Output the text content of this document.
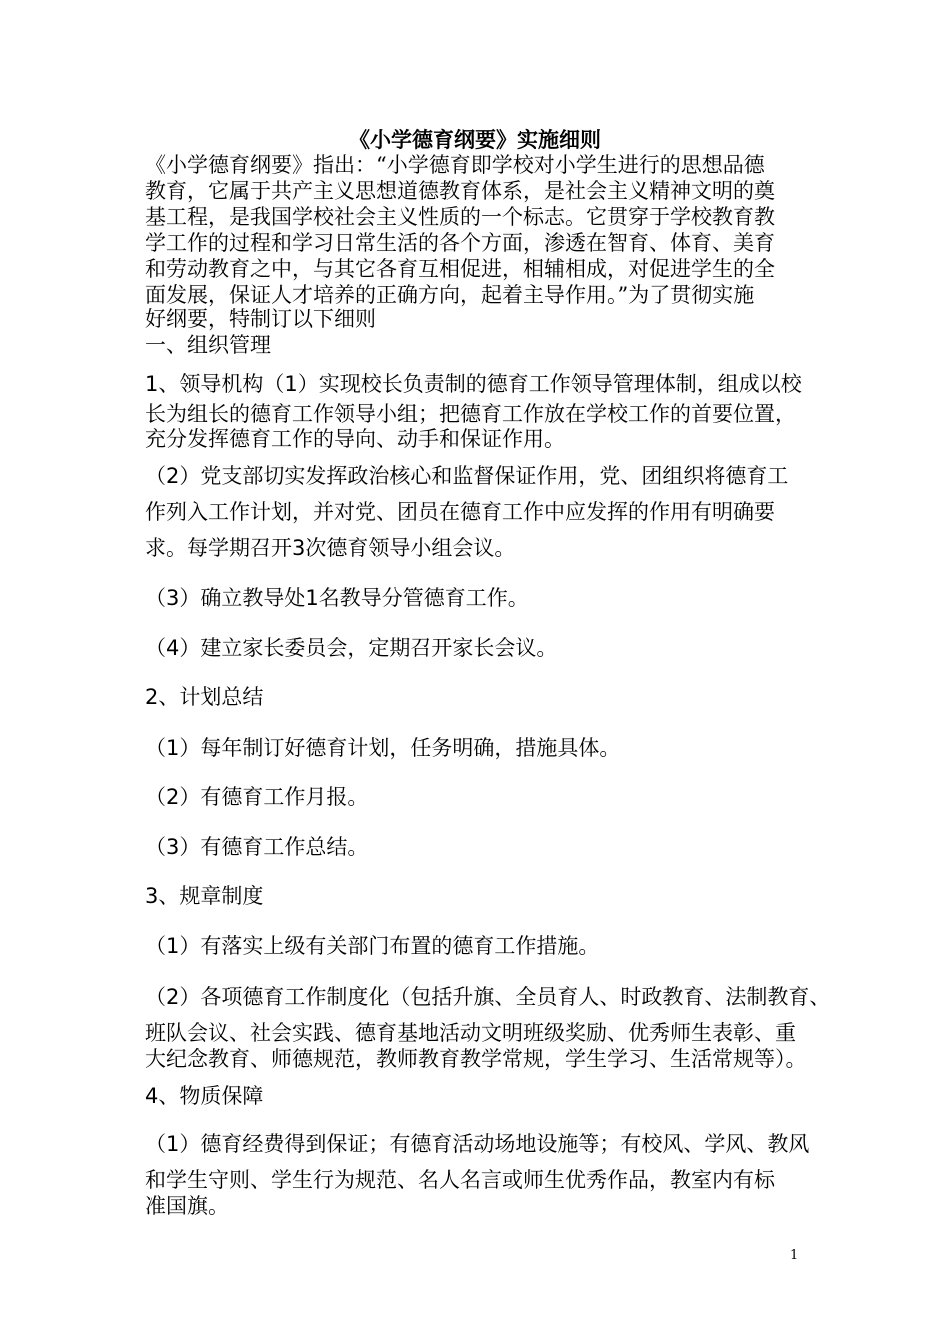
《小学德育纲要》实施细则
《小学德育纲要》指出：“小学德育即学校对小学生进行的思想品德
教育，它属于共产主义思想道德教育体系，是社会主义精神文明的奠
基工程，是我国学校社会主义性质的一个标志。它贯穿于学校教育教
学工作的过程和学习日常生活的各个方面，渗透在智育、体育、美育
和劳动教育之中，与其它各育互相促进，相辅相成，对促进学生的全
面发展，保证人才培养的正确方向，起着主导作用。”为了贯彻实施
好纲要，特制订以下细则
一、组织管理
1、领导机构（1）实现校长负责制的德育工作领导管理体制，组成以校
长为组长的德育工作领导小组；把德育工作放在学校工作的首要位置，
充分发挥德育工作的导向、动手和保证作用。
（2）党支部切实发挥政治核心和监督保证作用，党、团组织将德育工
作列入工作计划，并对党、团员在德育工作中应发挥的作用有明确要
求。每学期召开3次德育领导小组会议。
（3）确立教导处1名教导分管德育工作。
（4）建立家长委员会，定期召开家长会议。
2、计划总结
（1）每年制订好德育计划，任务明确，措施具体。
（2）有德育工作月报。
（3）有德育工作总结。
3、规章制度
（1）有落实上级有关部门布置的德育工作措施。
（2）各项德育工作制度化（包括升旗、全员育人、时政教育、法制教育、
班队会议、社会实践、德育基地活动文明班级奖励、优秀师生表彰、重
大纪念教育、师德规范，教师教育教学常规，学生学习、生活常规等）。
4、物质保障
（1）德育经费得到保证；有德育活动场地设施等；有校风、学风、教风
和学生守则、学生行为规范、名人名言或师生优秀作品，教室内有标
准国旗。
1
